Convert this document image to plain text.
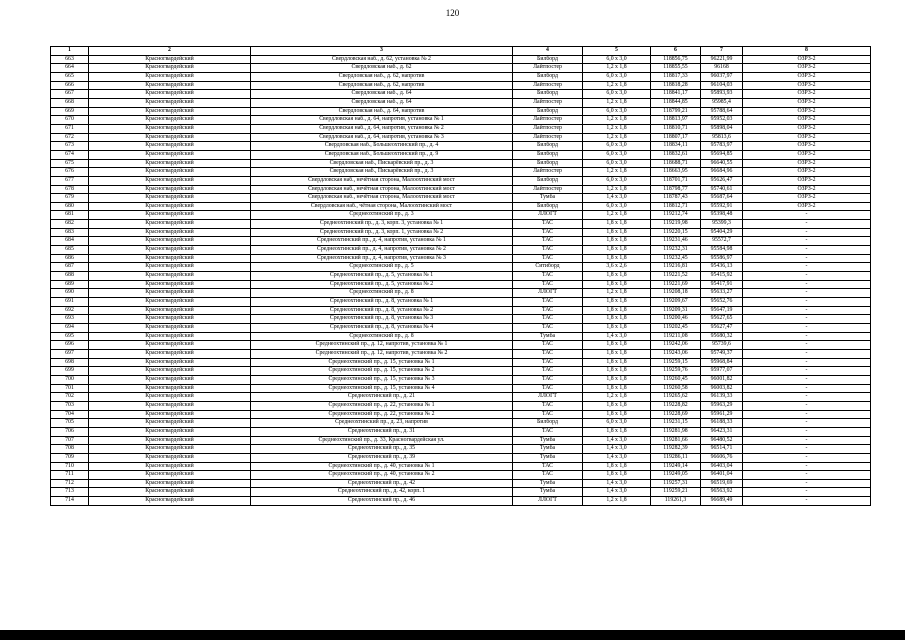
120
1	2	3	4	5	6	7	8
663	Красногвардейский	Свердловская наб., д. 62, установка № 2	Билборд	6,0 х 3,0	118856,75	96221,99	ОЗРЗ-2
664	Красногвардейский	Свердловская наб., д. 62	Лайтпостер	1,2 х 1,8	118855,55	96168	ОЗРЗ-2
665	Красногвардейский	Свердловская наб., д. 62, напротив	Билборд	6,0 х 3,0	118817,33	96037,97	ОЗРЗ-2
666	Красногвардейский	Свердловская наб., д. 62, напротив	Лайтпостер	1,2 х 1,8	118818,28	96104,03	ОЗРЗ-2
667	Красногвардейский	Свердловская наб., д. 64	Билборд	6,0 х 3,0	118841,17	95893,93	ОЗРЗ-2
668	Красногвардейский	Свердловская наб., д. 64	Лайтпостер	1,2 х 1,8	118844,85	95985,4	ОЗРЗ-2
669	Красногвардейский	Свердловская наб., д. 64, напротив	Билборд	6,0 х 3,0	118799,21	95788,64	ОЗРЗ-2
670	Красногвардейский	Свердловская наб., д. 64, напротив, установка № 1	Лайтпостер	1,2 х 1,8	118813,97	95952,03	ОЗРЗ-2
671	Красногвардейский	Свердловская наб., д. 64, напротив, установка № 2	Лайтпостер	1,2 х 1,8	118810,71	95898,04	ОЗРЗ-2
672	Красногвардейский	Свердловская наб., д. 64, напротив, установка № 3	Лайтпостер	1,2 х 1,8	118807,17	95813,6	ОЗРЗ-2
673	Красногвардейский	Свердловская наб., Большеохтинский пр., д. 4	Билборд	6,0 х 3,0	118834,11	95783,97	ОЗРЗ-2
674	Красногвардейский	Свердловская наб., Большеохтинский пр., д. 9	Билборд	6,0 х 3,0	118832,61	95694,85	ОЗРЗ-2
675	Красногвардейский	Свердловская наб., Пискарёвский пр., д. 3	Билборд	6,0 х 3,0	118688,71	96640,55	ОЗРЗ-2
676	Красногвардейский	Свердловская наб., Пискарёвский пр., д. 3	Лайтпостер	1,2 х 1,8	118663,95	96684,96	ОЗРЗ-2
677	Красногвардейский	Свердловская наб., нечётная сторона, Малоохтинский мост	Билборд	6,0 х 3,0	118701,71	95626,47	ОЗРЗ-2
678	Красногвардейский	Свердловская наб., нечётная сторона, Малоохтинский мост	Лайтпостер	1,2 х 1,8	118798,77	95740,61	ОЗРЗ-2
679	Красногвардейский	Свердловская наб., нечётная сторона, Малоохтинский мост	Тумба	1,4 х 3,0	118787,43	95687,64	ОЗРЗ-2
680	Красногвардейский	Свердловская наб., чётная сторона, Малоохтинский мост	Билборд	6,0 х 3,0	118812,71	95592,91	ОЗРЗ-2
681	Красногвардейский	Среднеохтинский пр., д. 3	ЛЛОГТ	1,2 х 1,8	119212,74	95398,48	-
682	Красногвардейский	Среднеохтинский пр., д. 3, корп. 3, установка № 1	ТАС	1,8 х 1,8	119219,98	95399,3	-
683	Красногвардейский	Среднеохтинский пр., д. 3, корп. 1, установка № 2	ТАС	1,8 х 1,8	119220,15	95404,29	-
684	Красногвардейский	Среднеохтинский пр., д. 4, напротив, установка № 1	ТАС	1,8 х 1,8	119231,46	95572,7	-
685	Красногвардейский	Среднеохтинский пр., д. 4, напротив, установка № 2	ТАС	1,8 х 1,8	119232,31	95584,98	-
686	Красногвардейский	Среднеохтинский пр., д. 4, напротив, установка № 3	ТАС	1,8 х 1,8	119232,45	95586,97	-
687	Красногвардейский	Среднеохтинский пр., д. 5	Ситиборд	3,6 х 2,6	119216,81	95436,13	-
688	Красногвардейский	Среднеохтинский пр., д. 5, установка № 1	ТАС	1,8 х 1,8	119221,52	95415,92	-
689	Красногвардейский	Среднеохтинский пр., д. 5, установка № 2	ТАС	1,8 х 1,8	119221,69	95417,91	-
690	Красногвардейский	Среднеохтинский пр., д. 8	ЛЛОГТ	1,2 х 1,8	119208,18	95633,27	-
691	Красногвардейский	Среднеохтинский пр., д. 8, установка № 1	ТАС	1,8 х 1,8	119209,67	95652,76	-
692	Красногвардейский	Среднеохтинский пр., д. 8, установка № 2	ТАС	1,8 х 1,8	119209,31	95647,19	-
693	Красногвардейский	Среднеохтинский пр., д. 8, установка № 3	ТАС	1,8 х 1,8	119200,46	95627,65	-
694	Красногвардейский	Среднеохтинский пр., д. 8, установка № 4	ТАС	1,8 х 1,8	119202,45	95627,47	-
695	Красногвардейский	Среднеохтинский пр., д. 8	Тумба	1,4 х 3,0	119211,08	95680,32	-
696	Красногвардейский	Среднеохтинский пр., д. 12, напротив, установка № 1	ТАС	1,8 х 1,8	119242,06	95739,6	-
697	Красногвардейский	Среднеохтинский пр., д. 12, напротив, установка № 2	ТАС	1,8 х 1,8	119243,06	95749,37	-
698	Красногвардейский	Среднеохтинский пр., д. 15, установка № 1	ТАС	1,8 х 1,8	119259,15	95968,84	-
699	Красногвардейский	Среднеохтинский пр., д. 15, установка № 2	ТАС	1,8 х 1,8	119259,76	95977,07	-
700	Красногвардейский	Среднеохтинский пр., д. 15, установка № 3	ТАС	1,8 х 1,8	119260,45	96001,82	-
701	Красногвардейский	Среднеохтинский пр., д. 15, установка № 4	ТАС	1,8 х 1,8	119260,58	96003,82	-
702	Красногвардейский	Среднеохтинский пр., д. 21	ЛЛОГТ	1,2 х 1,8	119265,62	96139,33	-
703	Красногвардейский	Среднеохтинский пр., д. 22, установка № 1	ТАС	1,8 х 1,8	119228,82	95963,29	-
704	Красногвардейский	Среднеохтинский пр., д. 22, установка № 2	ТАС	1,8 х 1,8	119228,69	95961,29	-
705	Красногвардейский	Среднеохтинский пр., д. 23, напротив	Билборд	6,0 х 3,0	119231,15	96188,33	-
706	Красногвардейский	Среднеохтинский пр., д. 31	ТАС	1,8 х 1,8	119281,98	96423,31	-
707	Красногвардейский	Среднеохтинский пр., д. 33, Красногвардейская ул.	Тумба	1,4 х 3,0	119281,66	96480,52	-
708	Красногвардейский	Среднеохтинский пр., д. 35	Тумба	1,4 х 3,0	119282,39	96514,71	-
709	Красногвардейский	Среднеохтинский пр., д. 39	Тумба	1,4 х 3,0	119286,11	96606,76	-
710	Красногвардейский	Среднеохтинский пр., д. 40, установка № 1	ТАС	1,8 х 1,8	119249,14	96403,04	-
711	Красногвардейский	Среднеохтинский пр., д. 40, установка № 2	ТАС	1,8 х 1,8	119249,05	96401,04	-
712	Красногвардейский	Среднеохтинский пр., д. 42	Тумба	1,4 х 3,0	119257,31	96519,69	-
713	Красногвардейский	Среднеохтинский пр., д. 42, корп. 1	Тумба	1,4 х 3,0	119259,21	96563,92	-
714	Красногвардейский	Среднеохтинский пр., д. 46	ЛЛОГТ	1,2 х 1,8	119261,3	96689,49	-
